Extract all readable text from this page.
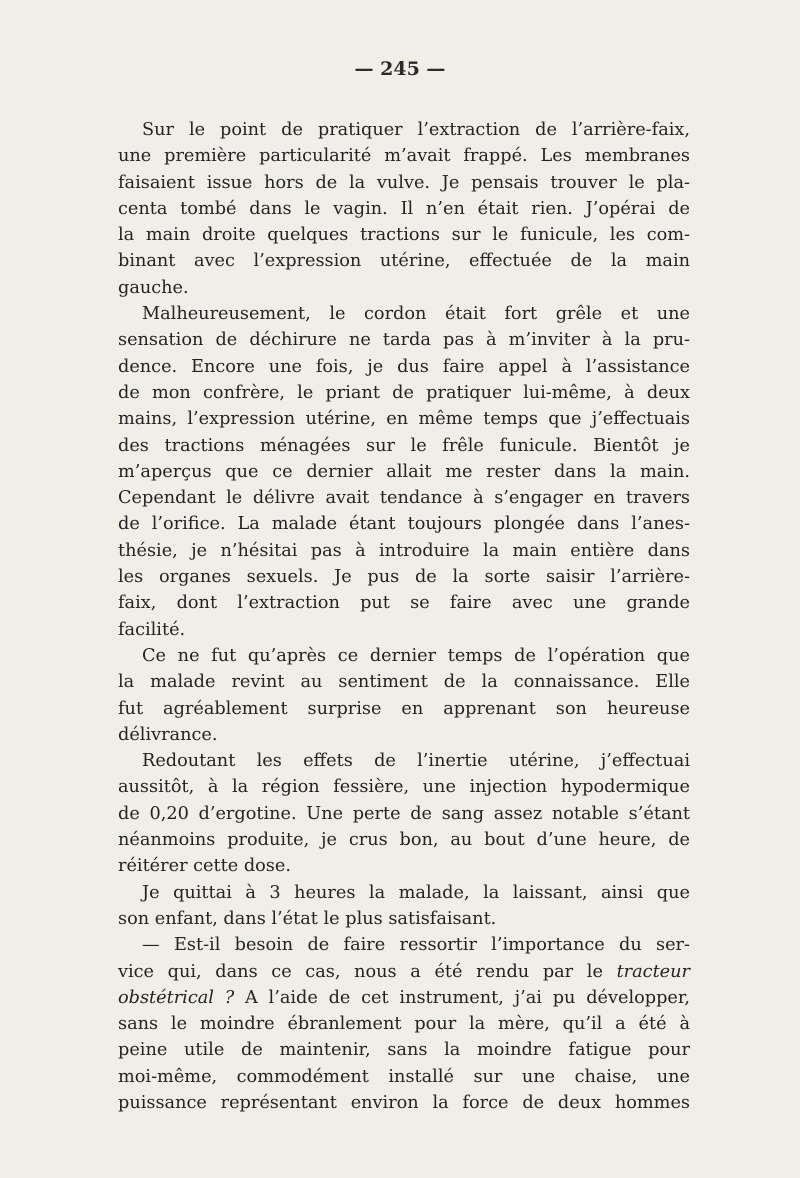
— 245 —
Sur le point de pratiquer l’extraction de l’arrière-faix,
une première particularité m’avait frappé. Les membranes
faisaient issue hors de la vulve. Je pensais trouver le pla-
centa tombé dans le vagin. Il n’en était rien. J’opérai de
la main droite quelques tractions sur le funicule, les com-
binant avec l’expression utérine, effectuée de la main
gauche.
Malheureusement, le cordon était fort grêle et une
sensation de déchirure ne tarda pas à m’inviter à la pru-
dence. Encore une fois, je dus faire appel à l’assistance
de mon confrère, le priant de pratiquer lui-même, à deux
mains, l’expression utérine, en même temps que j’effectuais
des tractions ménagées sur le frêle funicule. Bientôt je
m’aperçus que ce dernier allait me rester dans la main.
Cependant le délivre avait tendance à s’engager en travers
de l’orifice. La malade étant toujours plongée dans l’anes-
thésie, je n’hésitai pas à introduire la main entière dans
les organes sexuels. Je pus de la sorte saisir l’arrière-
faix, dont l’extraction put se faire avec une grande
facilité.
Ce ne fut qu’après ce dernier temps de l’opération que
la malade revint au sentiment de la connaissance. Elle
fut agréablement surprise en apprenant son heureuse
délivrance.
Redoutant les effets de l’inertie utérine, j’effectuai
aussitôt, à la région fessière, une injection hypodermique
de 0,20 d’ergotine. Une perte de sang assez notable s’étant
néanmoins produite, je crus bon, au bout d’une heure, de
réitérer cette dose.
Je quittai à 3 heures la malade, la laissant, ainsi que
son enfant, dans l’état le plus satisfaisant.
— Est-il besoin de faire ressortir l’importance du ser-
vice qui, dans ce cas, nous a été rendu par le tracteur
obstétrical ? A l’aide de cet instrument, j’ai pu développer,
sans le moindre ébranlement pour la mère, qu’il a été à
peine utile de maintenir, sans la moindre fatigue pour
moi-même, commodément installé sur une chaise, une
puissance représentant environ la force de deux hommes
